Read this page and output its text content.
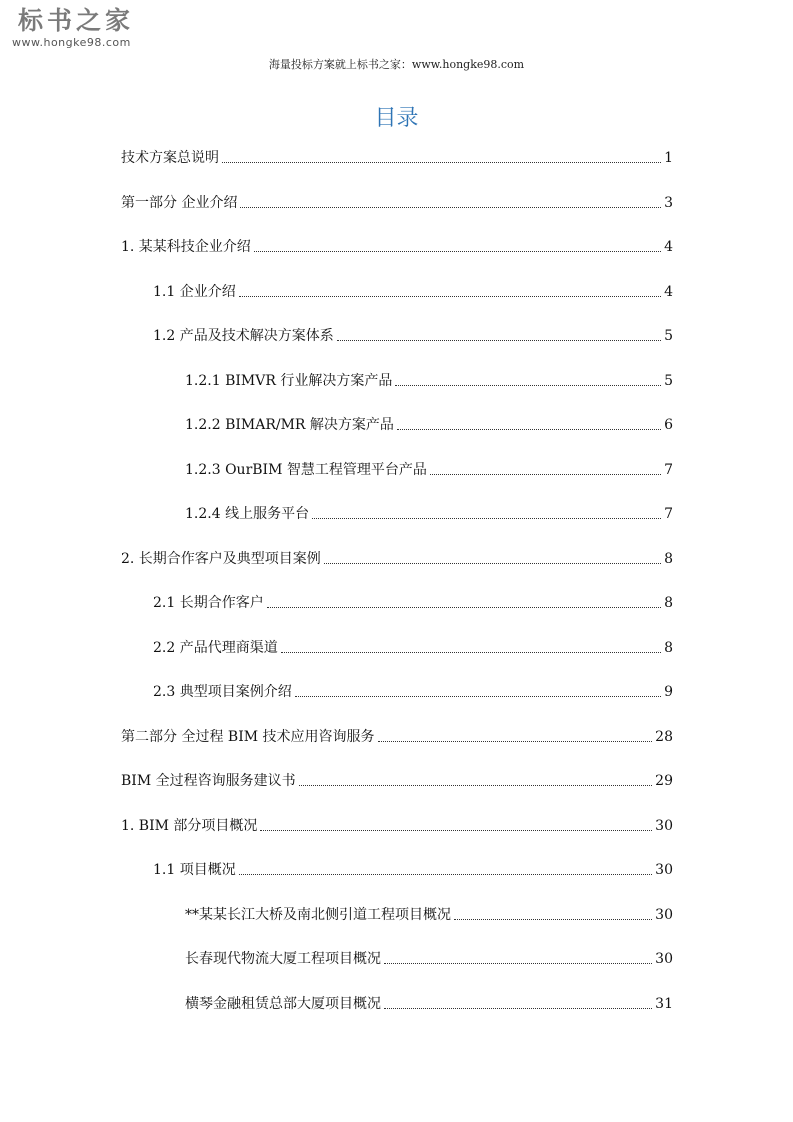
标书之家
www.hongke98.com
海量投标方案就上标书之家：www.hongke98.com
目录
技术方案总说明	1
第一部分 企业介绍	3
1. 某某科技企业介绍	4
1.1 企业介绍	4
1.2 产品及技术解决方案体系	5
1.2.1 BIMVR 行业解决方案产品	5
1.2.2 BIMAR/MR 解决方案产品	6
1.2.3 OurBIM 智慧工程管理平台产品	7
1.2.4 线上服务平台	7
2. 长期合作客户及典型项目案例	8
2.1 长期合作客户	8
2.2 产品代理商渠道	8
2.3 典型项目案例介绍	9
第二部分 全过程 BIM 技术应用咨询服务	28
BIM 全过程咨询服务建议书	29
1. BIM 部分项目概况	30
1.1 项目概况	30
**某某长江大桥及南北侧引道工程项目概况	30
长春现代物流大厦工程项目概况	30
横琴金融租赁总部大厦项目概况	31
